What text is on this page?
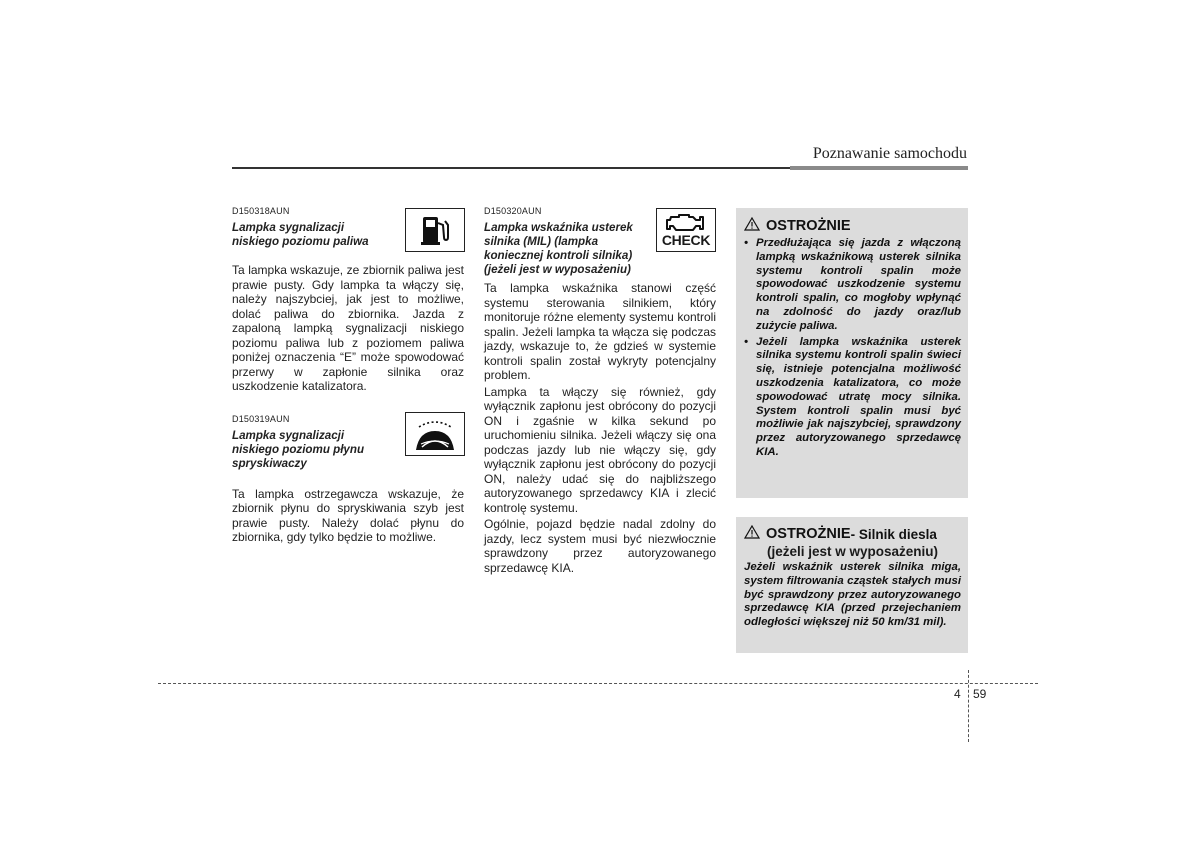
Poznawanie samochodu
D150318AUN
Lampka sygnalizacji niskiego poziomu paliwa

Ta lampka wskazuje, ze zbiornik paliwa jest prawie pusty. Gdy lampka ta włączy się, należy najszybciej, jak jest to możliwe, dolać paliwa do zbiornika. Jazda z zapaloną lampką sygnalizacji niskiego poziomu paliwa lub z poziomem paliwa poniżej oznaczenia “E” może spowodować przerwy w zapłonie silnika oraz uszkodzenie katalizatora.

D150319AUN
Lampka sygnalizacji niskiego poziomu płynu spryskiwaczy

Ta lampka ostrzegawcza wskazuje, że zbiornik płynu do spryskiwania szyb jest prawie pusty. Należy dolać płynu do zbiornika, gdy tylko będzie to możliwe.

D150320AUN
Lampka wskaźnika usterek silnika (MIL) (lampka koniecznej kontroli silnika) (jeżeli jest w wyposażeniu)

Ta lampka wskaźnika stanowi część systemu sterowania silnikiem, który monitoruje różne elementy systemu kontroli spalin. Jeżeli lampka ta włącza się podczas jazdy, wskazuje to, że gdzieś w systemie kontroli spalin został wykryty potencjalny problem.

Lampka ta włączy się również, gdy wyłącznik zapłonu jest obrócony do pozycji ON i zgaśnie w kilka sekund po uruchomieniu silnika. Jeżeli włączy się ona podczas jazdy lub nie włączy się, gdy wyłącznik zapłonu jest obrócony do pozycji ON, należy udać się do najbliższego autoryzowanego sprzedawcy KIA i zlecić kontrolę systemu.

Ogólnie, pojazd będzie nadal zdolny do jazdy, lecz system musi być niezwłocznie sprawdzony przez autoryzowanego sprzedawcę KIA.

CHECK
OSTROŻNIE
• Przedłużająca się jazda z włączoną lampką wskaźnikową usterek silnika systemu kontroli spalin może spowodować uszkodzenie systemu kontroli spalin, co mogłoby wpłynąć na zdolność do jazdy oraz/lub zużycie paliwa.
• Jeżeli lampka wskaźnika usterek silnika systemu kontroli spalin świeci się, istnieje potencjalna możliwość uszkodzenia katalizatora, co może spowodować utratę mocy silnika. System kontroli spalin musi być możliwie jak najszybciej, sprawdzony przez autoryzowanego sprzedawcę KIA.
OSTROŻNIE - Silnik diesla
(jeżeli jest w wyposażeniu)
Jeżeli wskaźnik usterek silnika miga, system filtrowania cząstek stałych musi być sprawdzony przez autoryzowanego sprzedawcę KIA (przed przejechaniem odległości większej niż 50 km/31 mil).
4 59
